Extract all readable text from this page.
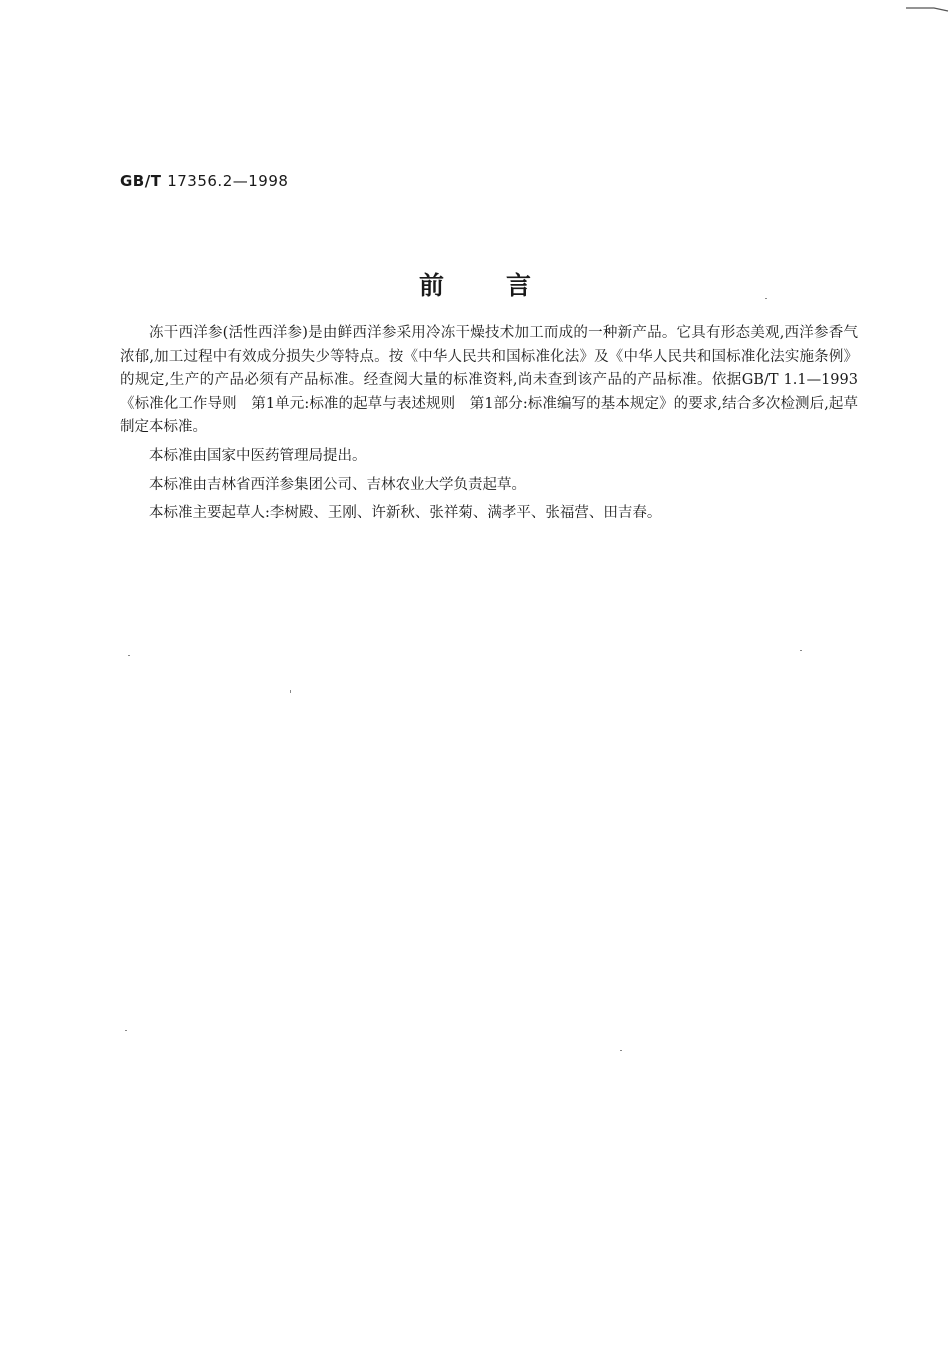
GB/T 17356.2—1998
前言

冻干西洋参(活性西洋参)是由鲜西洋参采用冷冻干燥技术加工而成的一种新产品。它具有形态美观,西洋参香气浓郁,加工过程中有效成分损失少等特点。按《中华人民共和国标准化法》及《中华人民共和国标准化法实施条例》的规定,生产的产品必须有产品标准。经查阅大量的标准资料,尚未查到该产品的产品标准。依据GB/T 1.1—1993《标准化工作导则　第1单元:标准的起草与表述规则　第1部分:标准编写的基本规定》的要求,结合多次检测后,起草制定本标准。

本标准由国家中医药管理局提出。

本标准由吉林省西洋参集团公司、吉林农业大学负责起草。

本标准主要起草人:李树殿、王刚、许新秋、张祥菊、满孝平、张福营、田吉春。
